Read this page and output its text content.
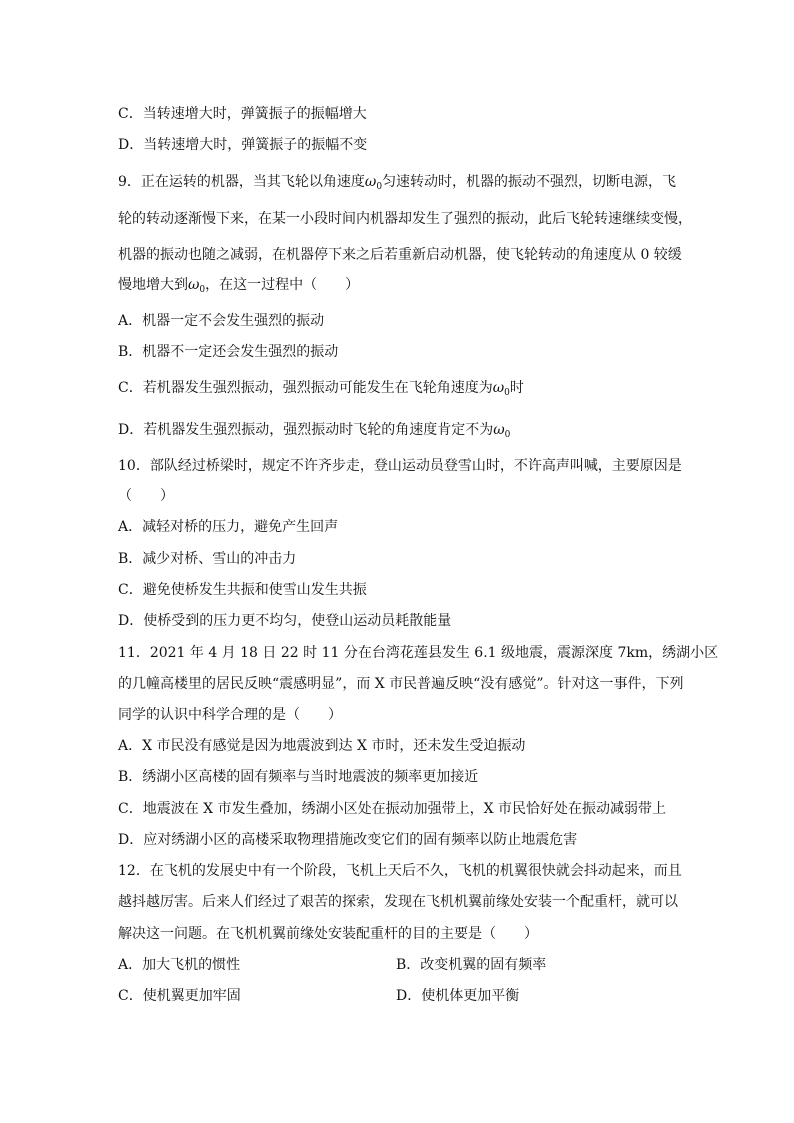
C．当转速增大时，弹簧振子的振幅增大
D．当转速增大时，弹簧振子的振幅不变
9．正在运转的机器，当其飞轮以角速度$\omega_0$匀速转动时，机器的振动不强烈，切断电源，飞
轮的转动逐渐慢下来，在某一小段时间内机器却发生了强烈的振动，此后飞轮转速继续变慢，
机器的振动也随之减弱，在机器停下来之后若重新启动机器，使飞轮转动的角速度从 0 较缓
慢地增大到$\omega_0$，在这一过程中（　　）
A．机器一定不会发生强烈的振动
B．机器不一定还会发生强烈的振动
C．若机器发生强烈振动，强烈振动可能发生在飞轮角速度为$\omega_0$时
D．若机器发生强烈振动，强烈振动时飞轮的角速度肯定不为$\omega_0$
10．部队经过桥梁时，规定不许齐步走，登山运动员登雪山时，不许高声叫喊，主要原因是
（　　）
A．减轻对桥的压力，避免产生回声
B．减少对桥、雪山的冲击力
C．避免使桥发生共振和使雪山发生共振
D．使桥受到的压力更不均匀，使登山运动员耗散能量
11．2021 年 4 月 18 日 22 时 11 分在台湾花莲县发生 6.1 级地震，震源深度 7km，绣湖小区
的几幢高楼里的居民反映“震感明显”，而 X 市民普遍反映“没有感觉”。针对这一事件，下列
同学的认识中科学合理的是（　　）
A．X 市民没有感觉是因为地震波到达 X 市时，还未发生受迫振动
B．绣湖小区高楼的固有频率与当时地震波的频率更加接近
C．地震波在 X 市发生叠加，绣湖小区处在振动加强带上，X 市民恰好处在振动减弱带上
D．应对绣湖小区的高楼采取物理措施改变它们的固有频率以防止地震危害
12．在飞机的发展史中有一个阶段，飞机上天后不久，飞机的机翼很快就会抖动起来，而且
越抖越厉害。后来人们经过了艰苦的探索，发现在飞机机翼前缘处安装一个配重杆，就可以
解决这一问题。在飞机机翼前缘处安装配重杆的目的主要是（　　）
A．加大飞机的惯性	B．改变机翼的固有频率
C．使机翼更加牢固	D．使机体更加平衡
